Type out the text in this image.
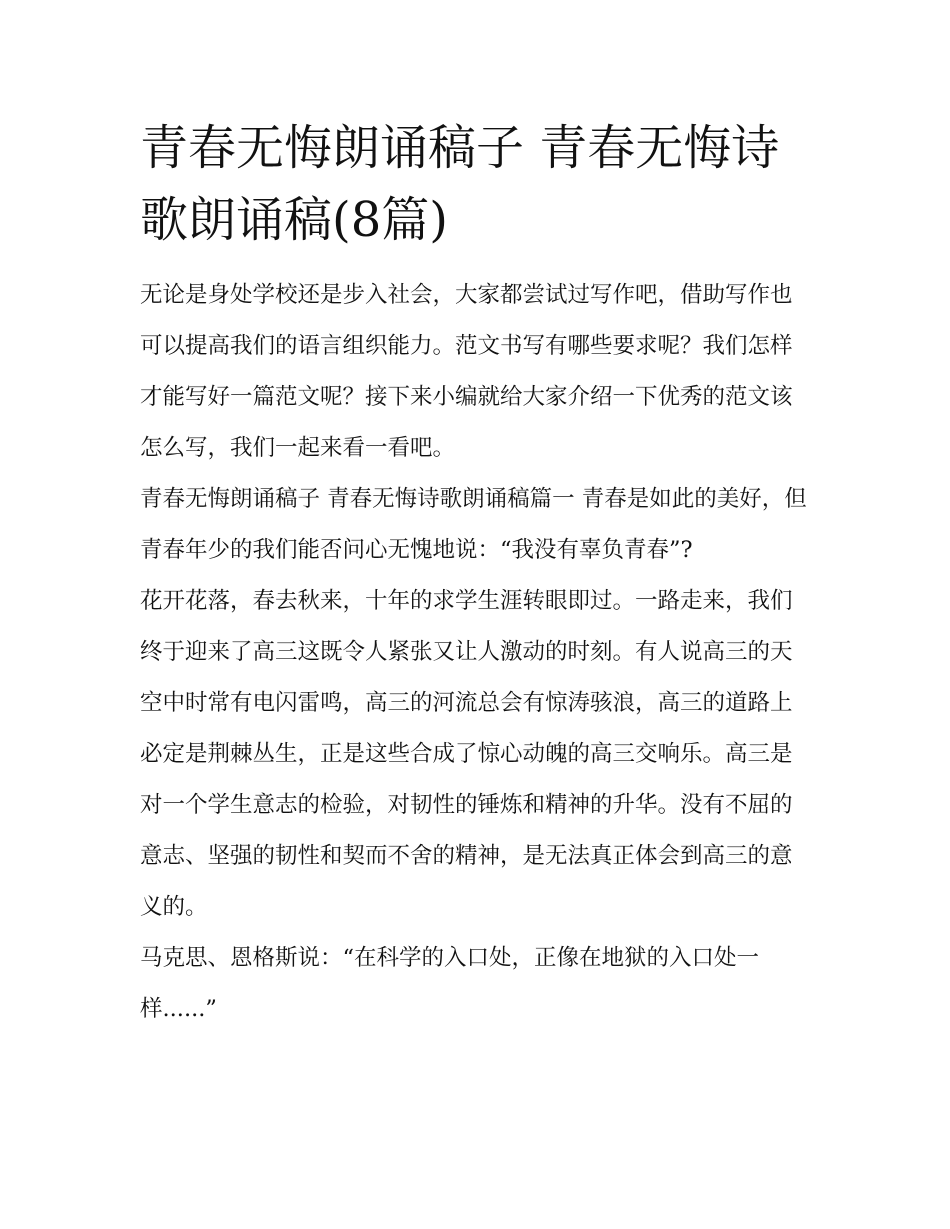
青春无悔朗诵稿子 青春无悔诗歌朗诵稿(8篇)

无论是身处学校还是步入社会，大家都尝试过写作吧，借助写作也可以提高我们的语言组织能力。范文书写有哪些要求呢？我们怎样才能写好一篇范文呢？接下来小编就给大家介绍一下优秀的范文该怎么写，我们一起来看一看吧。

青春无悔朗诵稿子 青春无悔诗歌朗诵稿篇一 青春是如此的美好，但青春年少的我们能否问心无愧地说：“我没有辜负青春”?

花开花落，春去秋来，十年的求学生涯转眼即过。一路走来，我们终于迎来了高三这既令人紧张又让人激动的时刻。有人说高三的天空中时常有电闪雷鸣，高三的河流总会有惊涛骇浪，高三的道路上必定是荆棘丛生，正是这些合成了惊心动魄的高三交响乐。高三是对一个学生意志的检验，对韧性的锤炼和精神的升华。没有不屈的意志、坚强的韧性和契而不舍的精神，是无法真正体会到高三的意义的。

马克思、恩格斯说：“在科学的入口处，正像在地狱的入口处一样......”
